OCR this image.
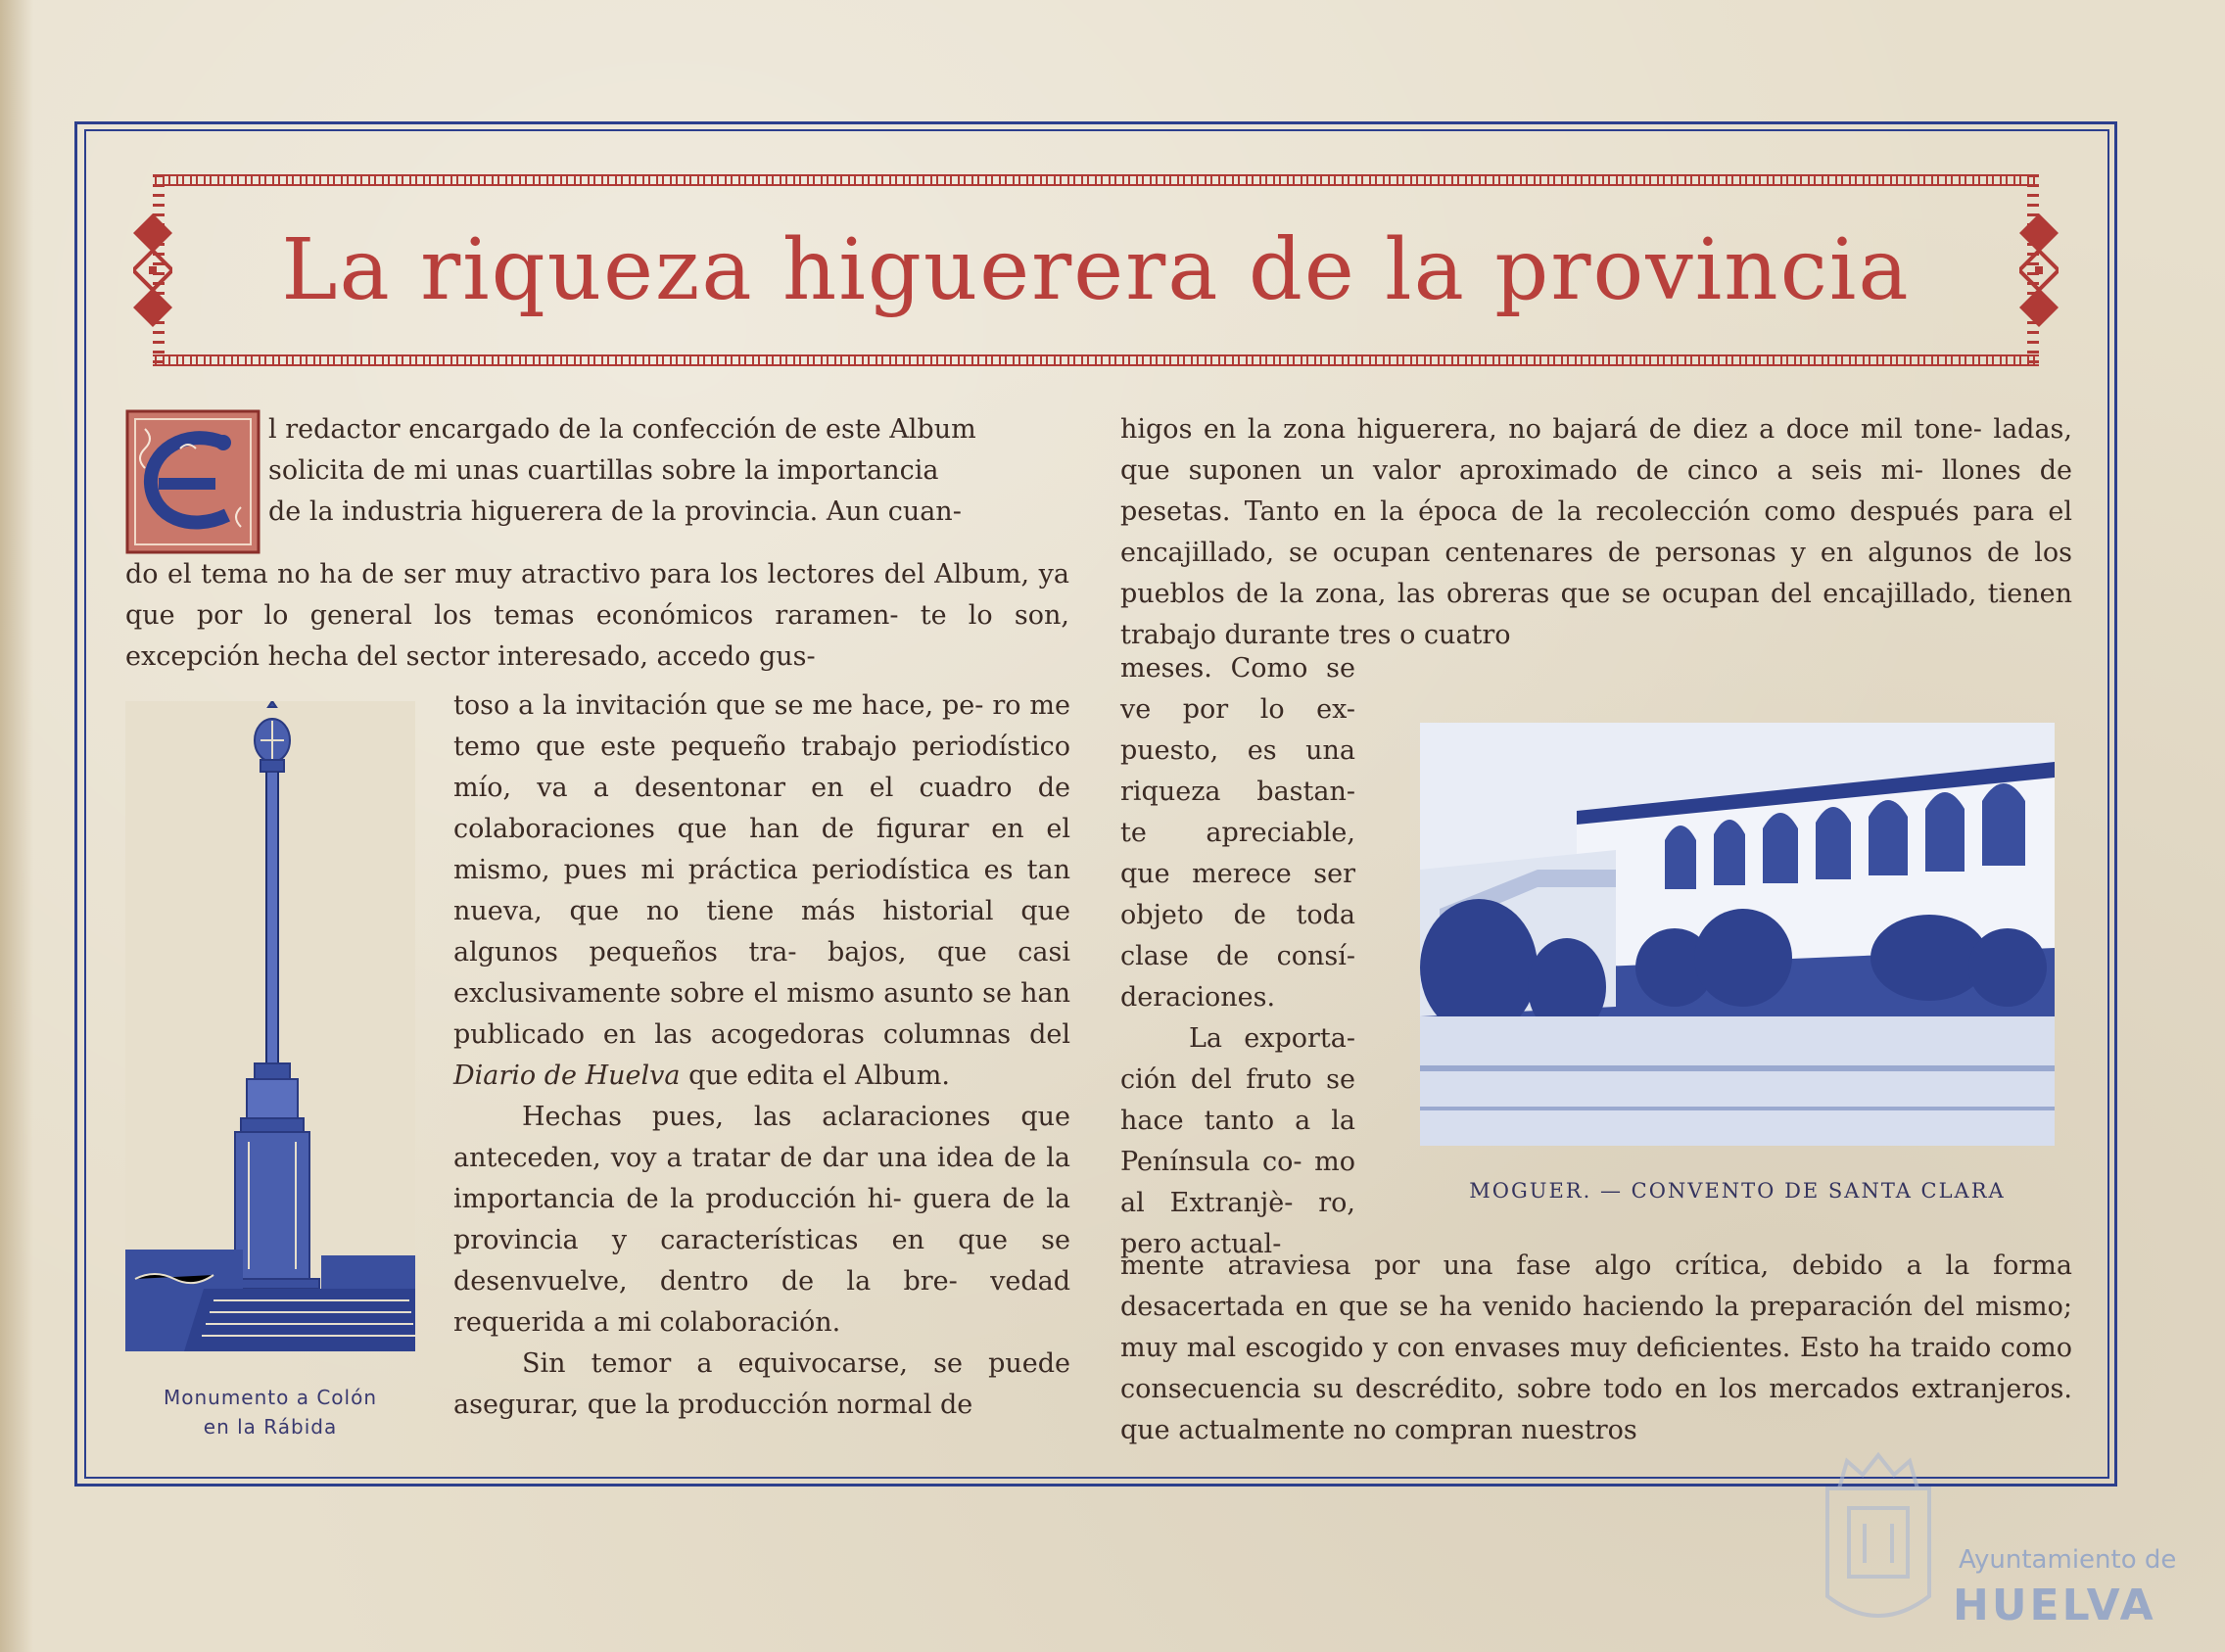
La riqueza higuerera de la provincia

l redactor encargado de la confección de este Album

solicita de mi unas cuartillas sobre la importancia

de la industria higuerera de la provincia. Aun cuan-

do el tema no ha de ser muy atractivo para los lectores del Album, ya que por lo general los temas económicos raramen- te lo son, excepción hecha del sector interesado, accedo gus-

Monumento a Colón
en la Rábida

toso a la invitación que se me hace, pe- ro me temo que este pequeño trabajo periodístico mío, va a desentonar en el cuadro de colaboraciones que han de figurar en el mismo, pues mi práctica periodística es tan nueva, que no tiene más historial que algunos pequeños tra- bajos, que casi exclusivamente sobre el mismo asunto se han publicado en las acogedoras columnas del Diario de Huelva que edita el Album.

Hechas pues, las aclaraciones que anteceden, voy a tratar de dar una idea de la importancia de la producción hi- guera de la provincia y características en que se desenvuelve, dentro de la bre- vedad requerida a mi colaboración.

Sin temor a equivocarse, se puede asegurar, que la producción normal de

higos en la zona higuerera, no bajará de diez a doce mil tone- ladas, que suponen un valor aproximado de cinco a seis mi- llones de pesetas. Tanto en la época de la recolección como después para el encajillado, se ocupan centenares de personas y en algunos de los pueblos de la zona, las obreras que se ocupan del encajillado, tienen trabajo durante tres o cuatro

meses. Como se ve por lo ex- puesto, es una riqueza bastan- te apreciable, que merece ser objeto de toda clase de consí- deraciones.

La exporta- ción del fruto se hace tanto a la Península co- mo al Extranjè- ro, pero actual-

mente atraviesa por una fase algo crítica, debido a la forma desacertada en que se ha venido haciendo la preparación del mismo; muy mal escogido y con envases muy deficientes. Esto ha traido como consecuencia su descrédito, sobre todo en los mercados extranjeros. que actualmente no compran nuestros
MOGUER. — CONVENTO DE SANTA CLARA
Ayuntamiento de
HUELVA
